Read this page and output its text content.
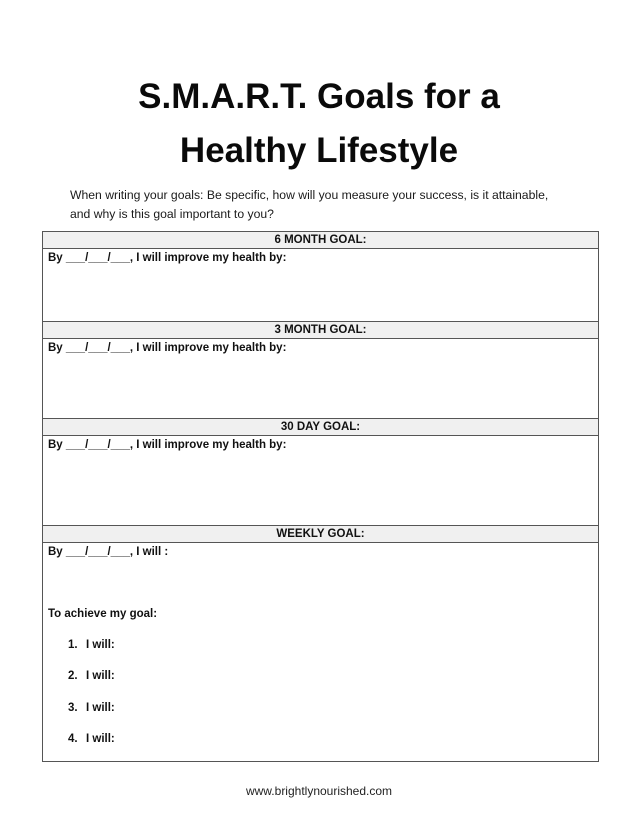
S.M.A.R.T. Goals for a
Healthy Lifestyle

When writing your goals: Be specific, how will you measure your success, is it attainable,
and why is this goal important to you?

6 MONTH GOAL:
By ___/___/___, I will improve my health by:
3 MONTH GOAL:
By ___/___/___, I will improve my health by:
30 DAY GOAL:
By ___/___/___, I will improve my health by:
WEEKLY GOAL:
By ___/___/___, I will :
To achieve my goal:
1. I will:
2. I will:
3. I will:
4. I will:
www.brightlynourished.com
